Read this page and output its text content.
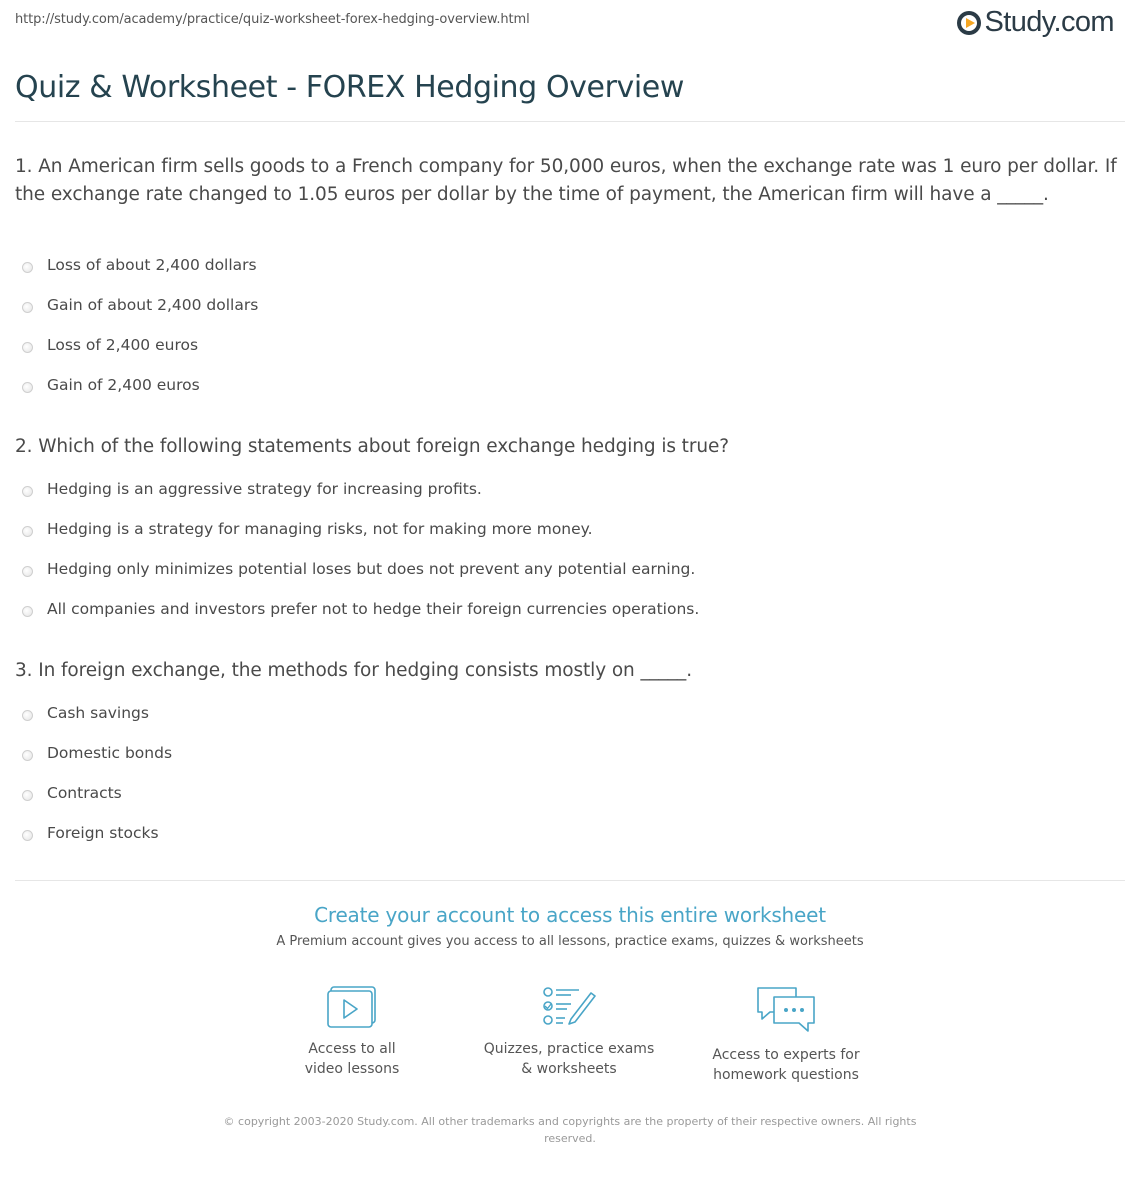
http://study.com/academy/practice/quiz-worksheet-forex-hedging-overview.html	Study.com
Quiz & Worksheet - FOREX Hedging Overview
1. An American firm sells goods to a French company for 50,000 euros, when the exchange rate was 1 euro per dollar. If the exchange rate changed to 1.05 euros per dollar by the time of payment, the American firm will have a _____.
Loss of about 2,400 dollars
Gain of about 2,400 dollars
Loss of 2,400 euros
Gain of 2,400 euros
2. Which of the following statements about foreign exchange hedging is true?
Hedging is an aggressive strategy for increasing profits.
Hedging is a strategy for managing risks, not for making more money.
Hedging only minimizes potential loses but does not prevent any potential earning.
All companies and investors prefer not to hedge their foreign currencies operations.
3. In foreign exchange, the methods for hedging consists mostly on _____.
Cash savings
Domestic bonds
Contracts
Foreign stocks
Create your account to access this entire worksheet
A Premium account gives you access to all lessons, practice exams, quizzes & worksheets
Access to all
video lessons
Quizzes, practice exams
& worksheets
Access to experts for
homework questions
© copyright 2003-2020 Study.com. All other trademarks and copyrights are the property of their respective owners. All rights reserved.
